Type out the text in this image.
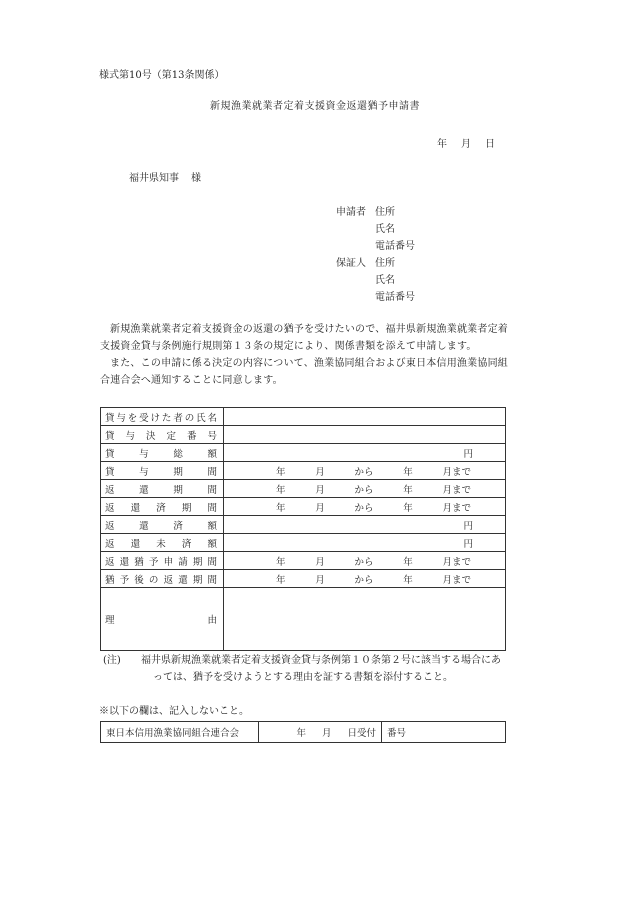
様式第10号（第13条関係）
新規漁業就業者定着支援資金返還猶予申請書
年 月 日
福井県知事 様
申請者 住所
氏名
電話番号
保証人 住所
氏名
電話番号

新規漁業就業者定着支援資金の返還の猶予を受けたいので、福井県新規漁業就業者定着支援資金貸与条例施行規則第１３条の規定により、関係書類を添えて申請します。

また、この申請に係る決定の内容について、漁業協同組合および東日本信用漁業協同組合連合会へ通知することに同意します。

貸与を受けた者の氏名	
貸与決定番号	
貸与総額	円

貸与期間	年 月 から 年 月まで

返還期間	年 月 から 年 月まで

返還済期間	年 月 から 年 月まで

返還済額	円

返還未済額	円

返還猶予申請期間	年 月 から 年 月まで

猶予後の返還期間	年 月 から 年 月まで

理由	
(注) 福井県新規漁業就業者定着支援資金貸与条例第１０条第２号に該当する場合にあ
っては、猶予を受けようとする理由を証する書類を添付すること。
※以下の欄は、記入しないこと。
東日本信用漁業協同組合連合会	年 月 日受付	番号
